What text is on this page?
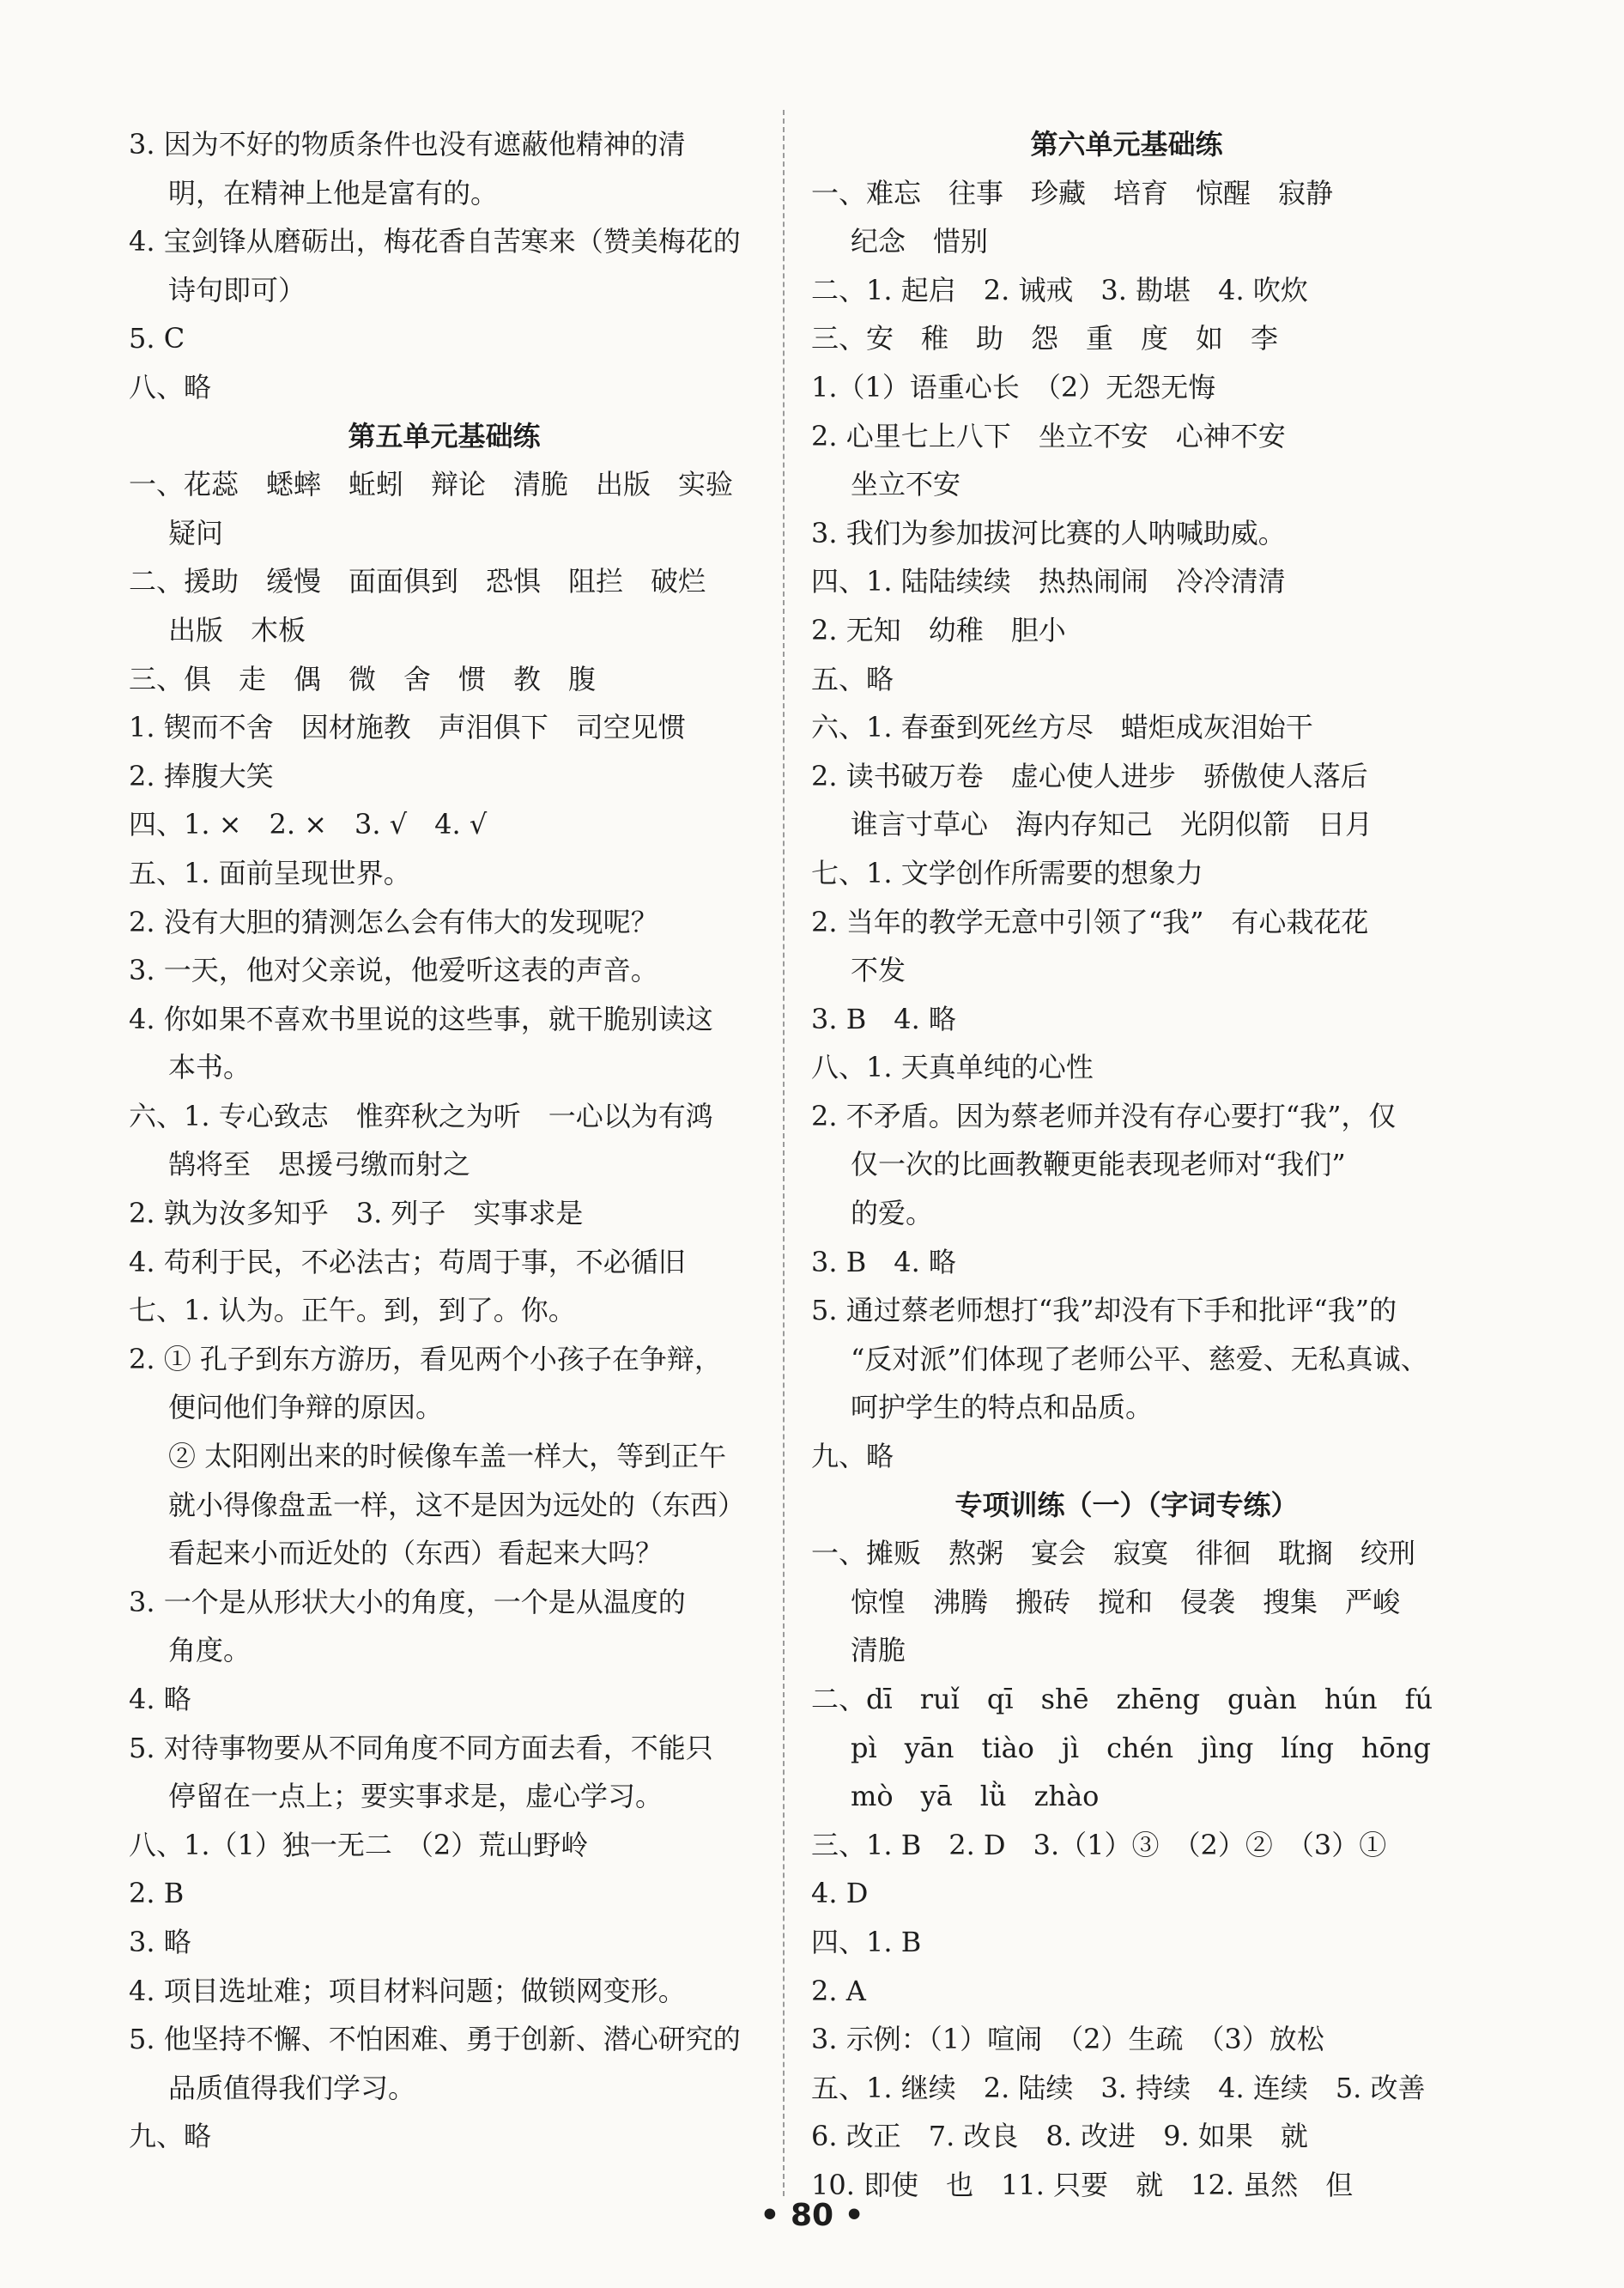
3. 因为不好的物质条件也没有遮蔽他精神的清
明，在精神上他是富有的。
4. 宝剑锋从磨砺出，梅花香自苦寒来（赞美梅花的
诗句即可）
5. C
八、略
第五单元基础练
一、花蕊　蟋蟀　蚯蚓　辩论　清脆　出版　实验
疑问
二、援助　缓慢　面面俱到　恐惧　阻拦　破烂
出版　木板
三、俱　走　偶　微　舍　惯　教　腹
1. 锲而不舍　因材施教　声泪俱下　司空见惯
2. 捧腹大笑
四、1. ×　2. ×　3. √　4. √
五、1. 面前呈现世界。
2. 没有大胆的猜测怎么会有伟大的发现呢？
3. 一天，他对父亲说，他爱听这表的声音。
4. 你如果不喜欢书里说的这些事，就干脆别读这
本书。
六、1. 专心致志　惟弈秋之为听　一心以为有鸿
鹄将至　思援弓缴而射之
2. 孰为汝多知乎　3. 列子　实事求是
4. 苟利于民，不必法古；苟周于事，不必循旧
七、1. 认为。正午。到，到了。你。
2. ① 孔子到东方游历，看见两个小孩子在争辩，
便问他们争辩的原因。
② 太阳刚出来的时候像车盖一样大，等到正午
就小得像盘盂一样，这不是因为远处的（东西）
看起来小而近处的（东西）看起来大吗？
3. 一个是从形状大小的角度，一个是从温度的
角度。
4. 略
5. 对待事物要从不同角度不同方面去看，不能只
停留在一点上；要实事求是，虚心学习。
八、1.（1）独一无二　（2）荒山野岭
2. B
3. 略
4. 项目选址难；项目材料问题；做锁网变形。
5. 他坚持不懈、不怕困难、勇于创新、潜心研究的
品质值得我们学习。
九、略
第六单元基础练
一、难忘　往事　珍藏　培育　惊醒　寂静
纪念　惜别
二、1. 起启　2. 诫戒　3. 勘堪　4. 吹炊
三、安　稚　助　怨　重　度　如　李
1.（1）语重心长　（2）无怨无悔
2. 心里七上八下　坐立不安　心神不安
坐立不安
3. 我们为参加拔河比赛的人呐喊助威。
四、1. 陆陆续续　热热闹闹　冷冷清清
2. 无知　幼稚　胆小
五、略
六、1. 春蚕到死丝方尽　蜡炬成灰泪始干
2. 读书破万卷　虚心使人进步　骄傲使人落后
谁言寸草心　海内存知己　光阴似箭　日月
七、1. 文学创作所需要的想象力
2. 当年的教学无意中引领了“我”　有心栽花花
不发
3. B　4. 略
八、1. 天真单纯的心性
2. 不矛盾。因为蔡老师并没有存心要打“我”，仅
仅一次的比画教鞭更能表现老师对“我们”
的爱。
3. B　4. 略
5. 通过蔡老师想打“我”却没有下手和批评“我”的
“反对派”们体现了老师公平、慈爱、无私真诚、
呵护学生的特点和品质。
九、略
专项训练（一）（字词专练）
一、摊贩　熬粥　宴会　寂寞　徘徊　耽搁　绞刑
惊惶　沸腾　搬砖　搅和　侵袭　搜集　严峻
清脆
二、dī　ruǐ　qī　shē　zhēng　guàn　hún　fú
pì　yān　tiào　jì　chén　jìng　líng　hōng
mò　yā　lǜ　zhào
三、1. B　2. D　3.（1）③　（2）②　（3）①
4. D
四、1. B
2. A
3. 示例：（1）喧闹　（2）生疏　（3）放松
五、1. 继续　2. 陆续　3. 持续　4. 连续　5. 改善
6. 改正　7. 改良　8. 改进　9. 如果　就
10. 即使　也　11. 只要　就　12. 虽然　但
• 80 •
